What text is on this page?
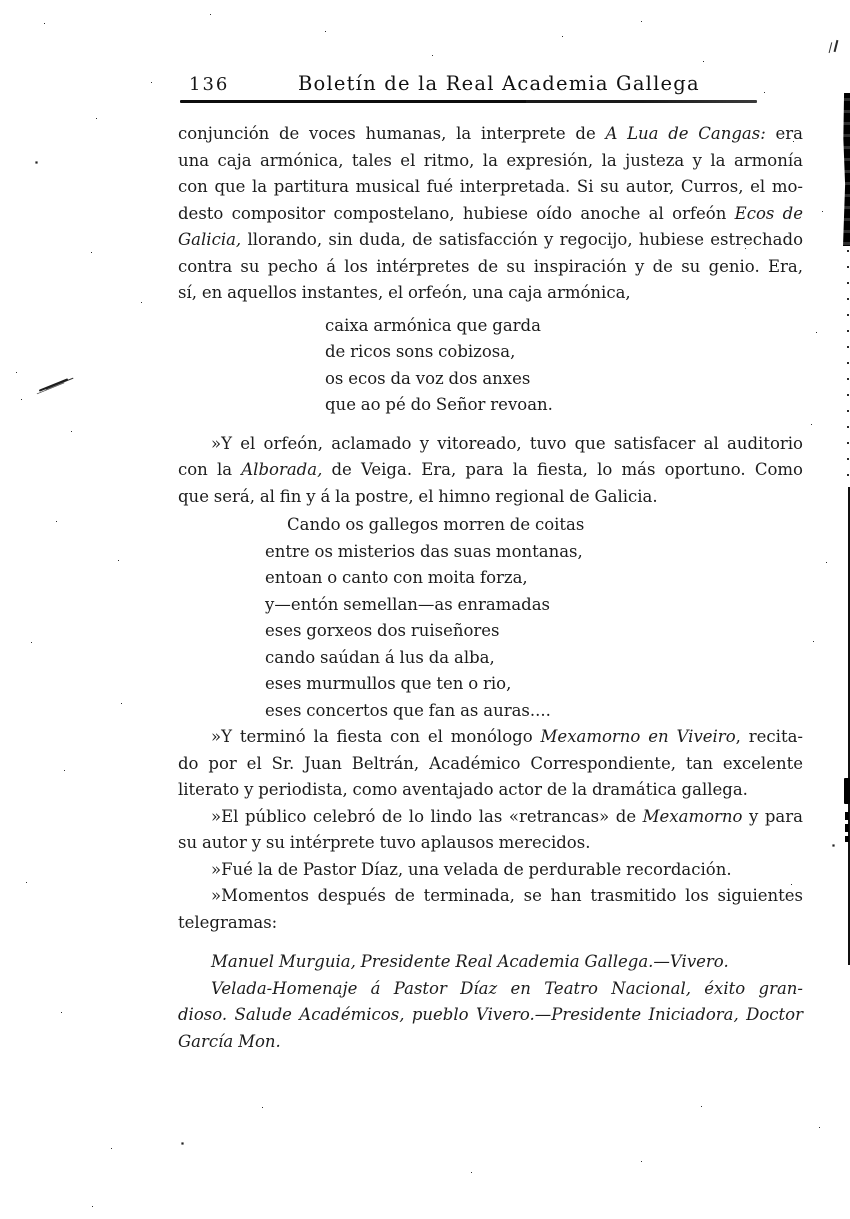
136	Boletín de la Real Academia Gallega
conjunción de voces humanas, la interprete de A Lua de Cangas: era
una caja armónica, tales el ritmo, la expresión, la justeza y la armonía
con que la partitura musical fué interpretada. Si su autor, Curros, el mo-
desto compositor compostelano, hubiese oído anoche al orfeón Ecos de
Galicia, llorando, sin duda, de satisfacción y regocijo, hubiese estrechado
contra su pecho á los intérpretes de su inspiración y de su genio. Era,
sí, en aquellos instantes, el orfeón, una caja armónica,
caixa armónica que garda
de ricos sons cobizosa,
os ecos da voz dos anxes
que ao pé do Señor revoan.
»Y el orfeón, aclamado y vitoreado, tuvo que satisfacer al auditorio
con la Alborada, de Veiga. Era, para la fiesta, lo más oportuno. Como
que será, al fin y á la postre, el himno regional de Galicia.
Cando os gallegos morren de coitas
entre os misterios das suas montanas,
entoan o canto con moita forza,
y—entón semellan—as enramadas
eses gorxeos dos ruiseñores
cando saúdan á lus da alba,
eses murmullos que ten o rio,
eses concertos que fan as auras....
»Y terminó la fiesta con el monólogo Mexamorno en Viveiro, recita-
do por el Sr. Juan Beltrán, Académico Correspondiente, tan excelente
literato y periodista, como aventajado actor de la dramática gallega.
»El público celebró de lo lindo las «retrancas» de Mexamorno y para
su autor y su intérprete tuvo aplausos merecidos.
»Fué la de Pastor Díaz, una velada de perdurable recordación.
»Momentos después de terminada, se han trasmitido los siguientes
telegramas:
Manuel Murguia, Presidente Real Academia Gallega.—Vivero.
Velada-Homenaje á Pastor Díaz en Teatro Nacional, éxito gran-
dioso. Salude Académicos, pueblo Vivero.—Presidente Iniciadora, Doctor
García Mon.
